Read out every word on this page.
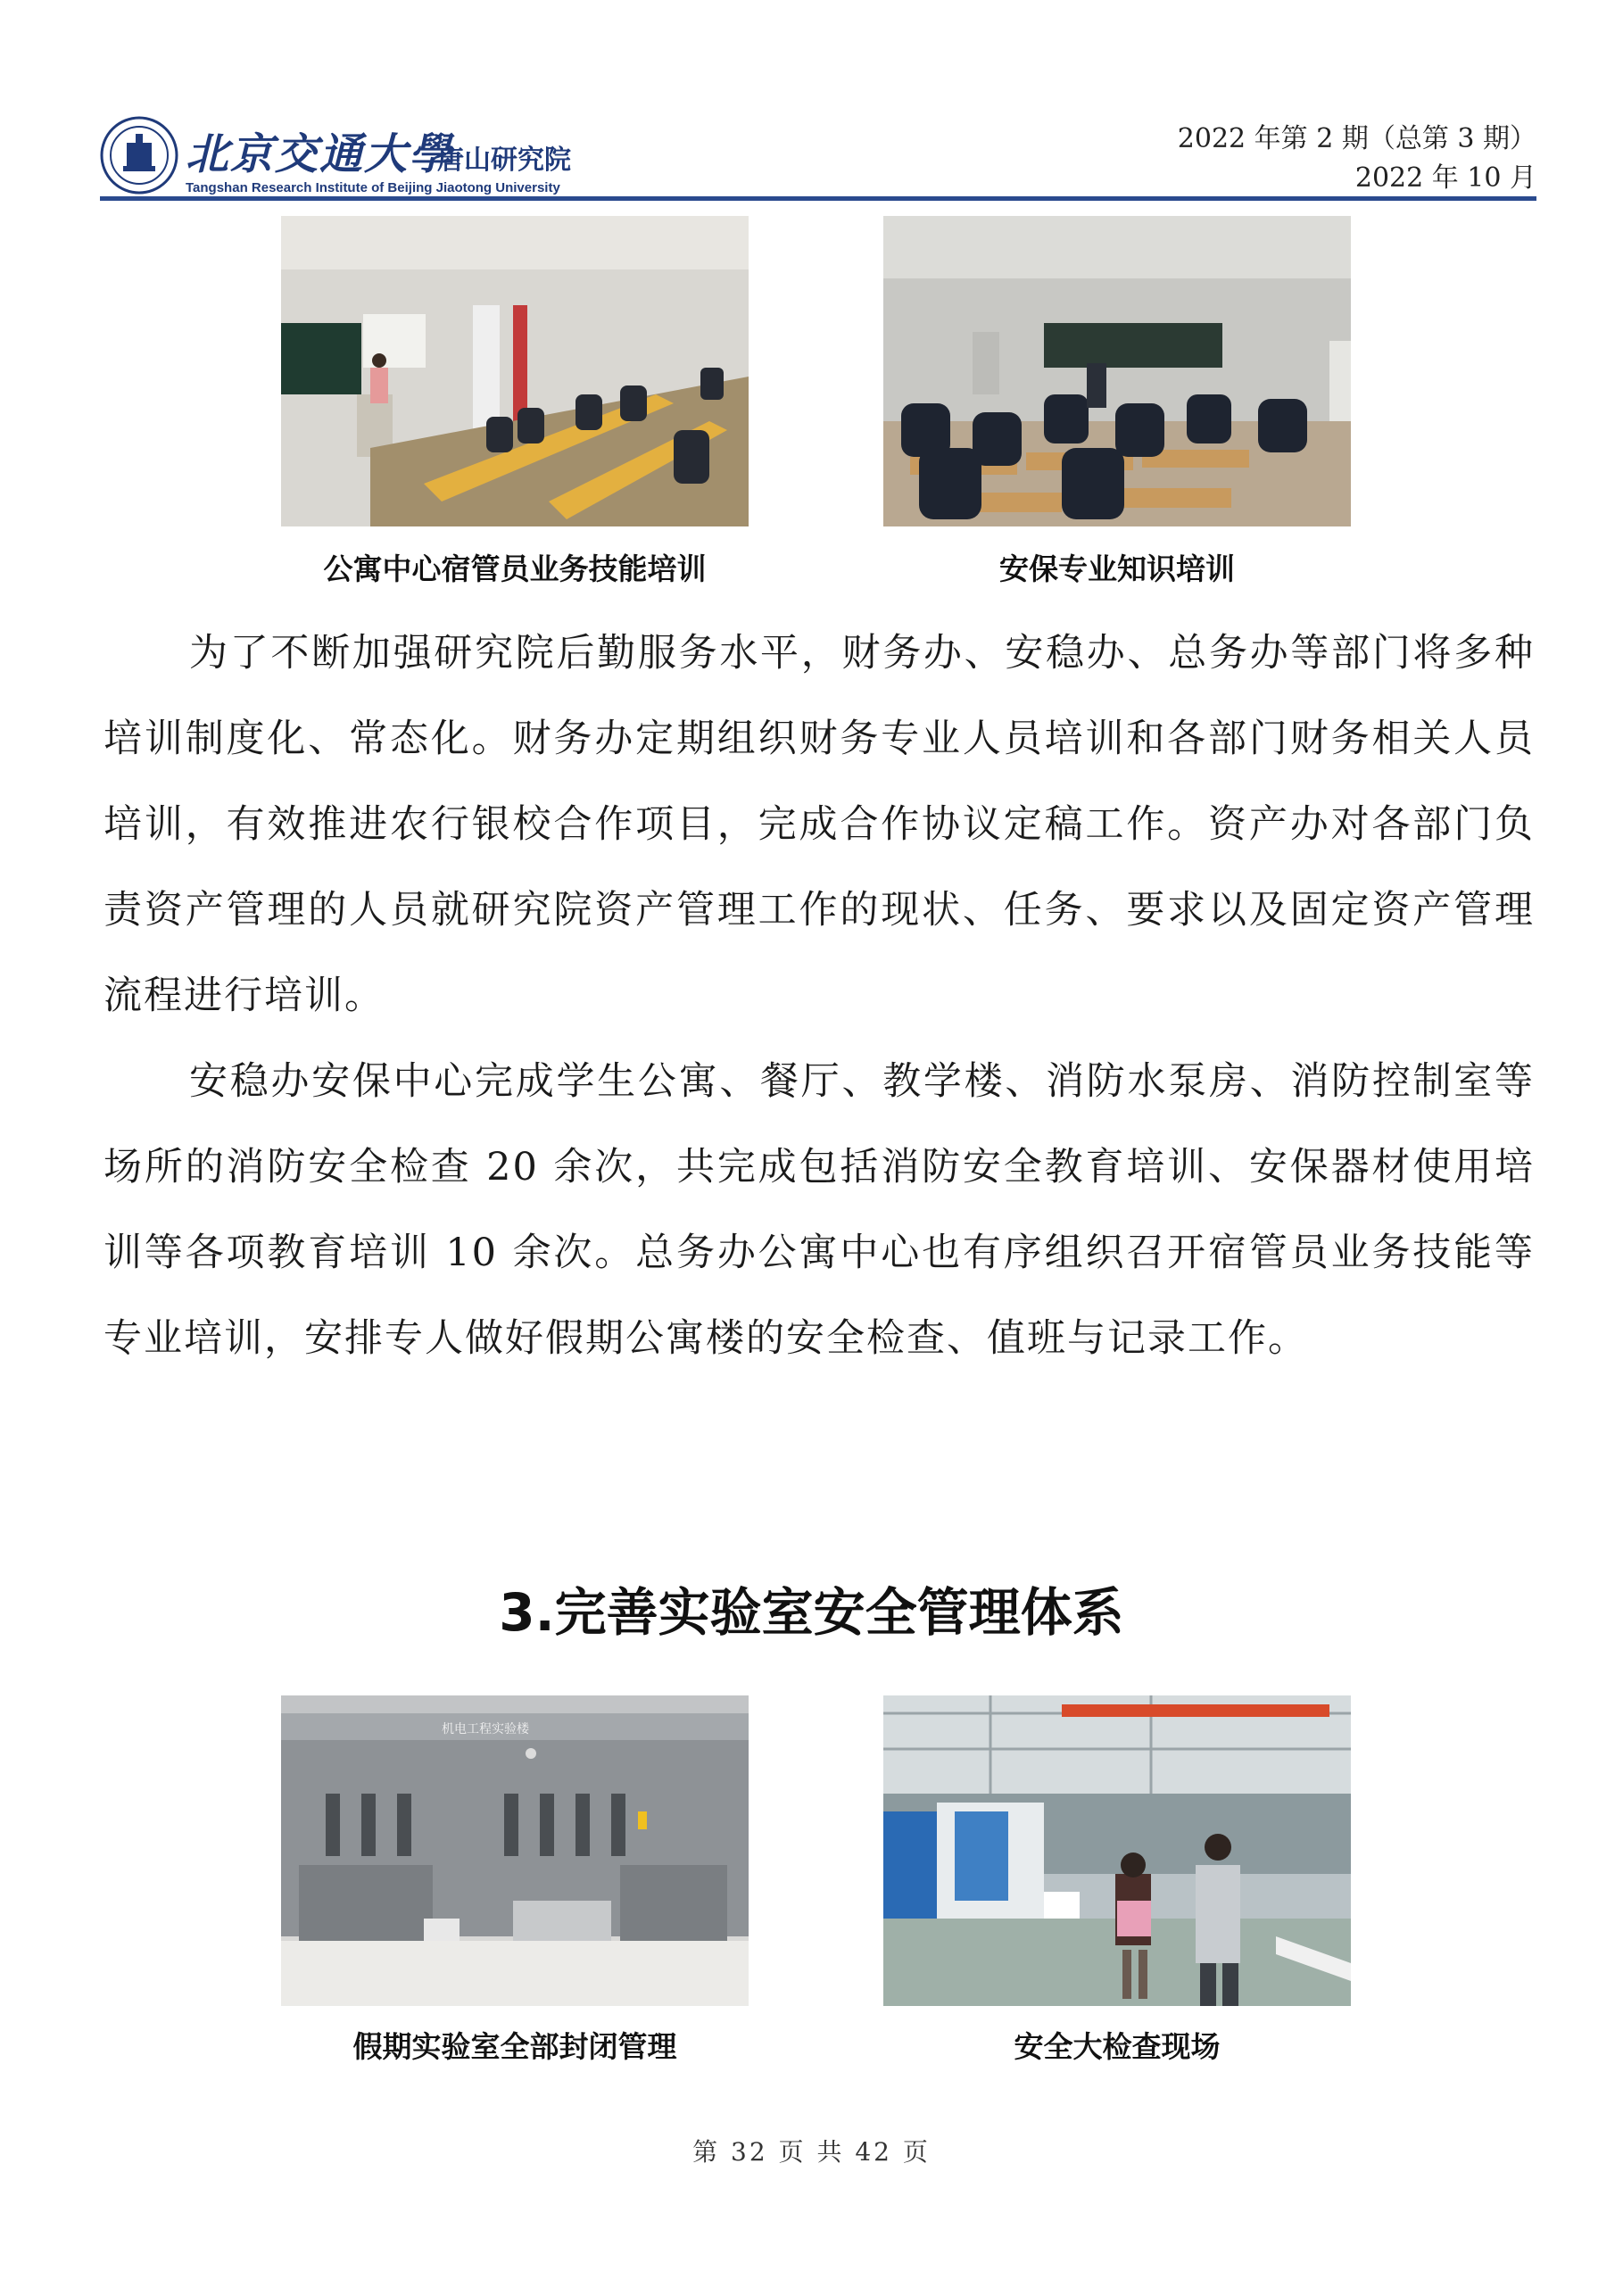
北京交通大學
唐山研究院
Tangshan Research Institute of Beijing Jiaotong University
2022 年第 2 期（总第 3 期）
2022 年 10 月
公寓中心宿管员业务技能培训	安保专业知识培训
为了不断加强研究院后勤服务水平，财务办、安稳办、总务办等部门将多种培训制度化、常态化。财务办定期组织财务专业人员培训和各部门财务相关人员培训，有效推进农行银校合作项目，完成合作协议定稿工作。资产办对各部门负责资产管理的人员就研究院资产管理工作的现状、任务、要求以及固定资产管理流程进行培训。
安稳办安保中心完成学生公寓、餐厅、教学楼、消防水泵房、消防控制室等场所的消防安全检查 20 余次，共完成包括消防安全教育培训、安保器材使用培训等各项教育培训 10 余次。总务办公寓中心也有序组织召开宿管员业务技能等专业培训，安排专人做好假期公寓楼的安全检查、值班与记录工作。
3.完善实验室安全管理体系
机电工程实验楼
假期实验室全部封闭管理	安全大检查现场
第 32 页 共 42 页
